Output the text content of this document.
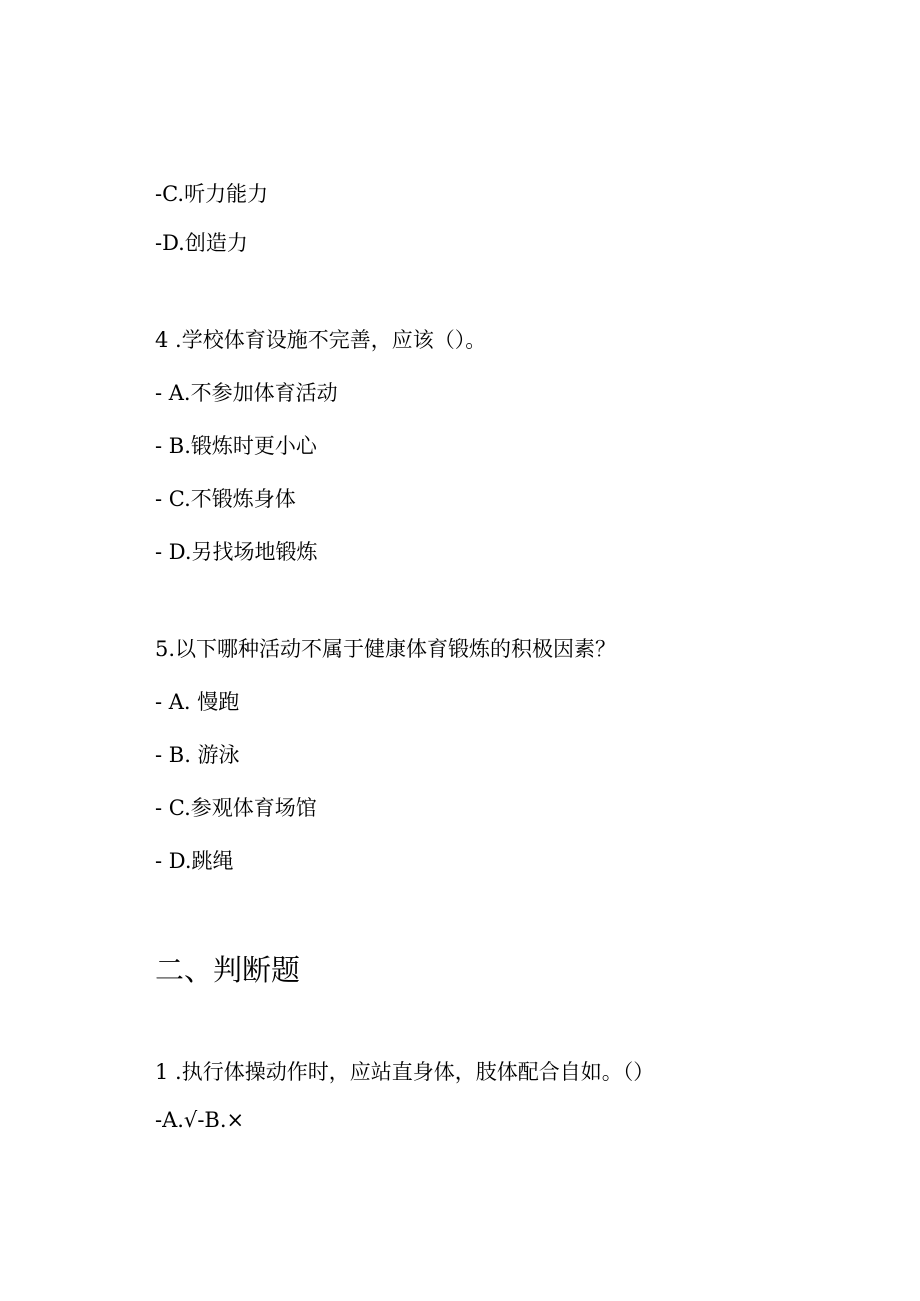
-C.听力能力
-D.创造力
4 .学校体育设施不完善，应该（）。
- A.不参加体育活动
- B.锻炼时更小心
- C.不锻炼身体
- D.另找场地锻炼
5.以下哪种活动不属于健康体育锻炼的积极因素？
- A. 慢跑
- B. 游泳
- C.参观体育场馆
- D.跳绳
二、判断题
1 .执行体操动作时，应站直身体，肢体配合自如。（）
-A.√-B.×
